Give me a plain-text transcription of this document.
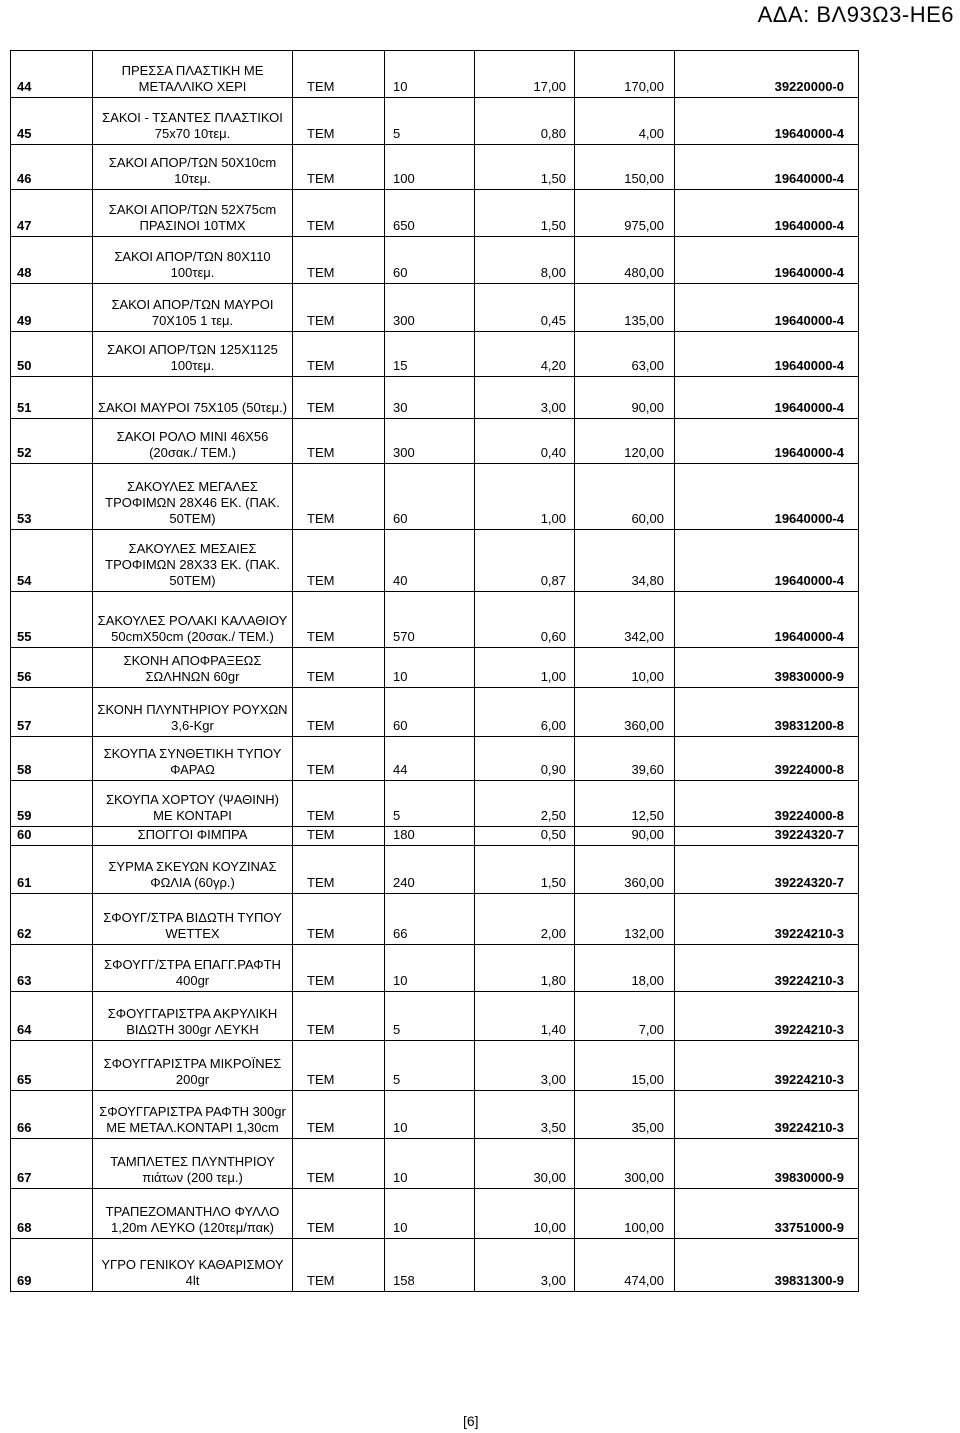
ΑΔΑ: ΒΛ93Ω3-ΗΕ6
44	ΠΡΕΣΣΑ ΠΛΑΣΤΙΚΗ ΜΕ ΜΕΤΑΛΛΙΚΟ ΧΕΡΙ	ΤΕΜ	10	17,00	170,00	39220000-0
45	ΣΑΚΟΙ - ΤΣΑΝΤΕΣ ΠΛΑΣΤΙΚΟΙ 75x70 10τεμ.	ΤΕΜ	5	0,80	4,00	19640000-4
46	ΣΑΚΟΙ ΑΠΟΡ/ΤΩΝ 50Χ10cm 10τεμ.	ΤΕΜ	100	1,50	150,00	19640000-4
47	ΣΑΚΟΙ ΑΠΟΡ/ΤΩΝ 52Χ75cm ΠΡΑΣΙΝΟΙ 10ΤΜΧ	ΤΕΜ	650	1,50	975,00	19640000-4
48	ΣΑΚΟΙ ΑΠΟΡ/ΤΩΝ 80Χ110 100τεμ.	ΤΕΜ	60	8,00	480,00	19640000-4
49	ΣΑΚΟΙ ΑΠΟΡ/ΤΩΝ ΜΑΥΡΟΙ 70Χ105 1 τεμ.	ΤΕΜ	300	0,45	135,00	19640000-4
50	ΣΑΚΟΙ ΑΠΟΡ/ΤΩΝ 125Χ1125 100τεμ.	ΤΕΜ	15	4,20	63,00	19640000-4
51	ΣΑΚΟΙ ΜΑΥΡΟΙ 75Χ105 (50τεμ.)	ΤΕΜ	30	3,00	90,00	19640000-4
52	ΣΑΚΟΙ ΡΟΛΟ ΜΙΝΙ 46Χ56 (20σακ./ ΤΕΜ.)	ΤΕΜ	300	0,40	120,00	19640000-4
53	ΣΑΚΟΥΛΕΣ ΜΕΓΑΛΕΣ ΤΡΟΦΙΜΩΝ 28Χ46 ΕΚ. (ΠΑΚ. 50ΤΕΜ)	ΤΕΜ	60	1,00	60,00	19640000-4
54	ΣΑΚΟΥΛΕΣ ΜΕΣΑΙΕΣ ΤΡΟΦΙΜΩΝ 28Χ33 ΕΚ. (ΠΑΚ. 50ΤΕΜ)	ΤΕΜ	40	0,87	34,80	19640000-4
55	ΣΑΚΟΥΛΕΣ ΡΟΛΑΚΙ ΚΑΛΑΘΙΟΥ 50cmΧ50cm (20σακ./ ΤΕΜ.)	ΤΕΜ	570	0,60	342,00	19640000-4
56	ΣΚΟΝΗ ΑΠΟΦΡΑΞΕΩΣ ΣΩΛΗΝΩΝ 60gr	ΤΕΜ	10	1,00	10,00	39830000-9
57	ΣΚΟΝΗ ΠΛΥΝΤΗΡΙΟΥ ΡΟΥΧΩΝ 3,6-Kgr	ΤΕΜ	60	6,00	360,00	39831200-8
58	ΣΚΟΥΠΑ ΣΥΝΘΕΤΙΚΗ ΤΥΠΟΥ ΦΑΡΑΩ	ΤΕΜ	44	0,90	39,60	39224000-8
59	ΣΚΟΥΠΑ ΧΟΡΤΟΥ (ΨΑΘΙΝΗ) ΜΕ ΚΟΝΤΑΡΙ	ΤΕΜ	5	2,50	12,50	39224000-8
60	ΣΠΟΓΓΟΙ ΦΙΜΠΡΑ	ΤΕΜ	180	0,50	90,00	39224320-7
61	ΣΥΡΜΑ ΣΚΕΥΩΝ ΚΟΥΖΙΝΑΣ ΦΩΛΙΑ (60γρ.)	ΤΕΜ	240	1,50	360,00	39224320-7
62	ΣΦΟΥΓ/ΣΤΡΑ ΒΙΔΩΤΗ ΤΥΠΟΥ WETTEX	ΤΕΜ	66	2,00	132,00	39224210-3
63	ΣΦΟΥΓΓ/ΣΤΡΑ ΕΠΑΓΓ.ΡΑΦΤΗ 400gr	ΤΕΜ	10	1,80	18,00	39224210-3
64	ΣΦΟΥΓΓΑΡΙΣΤΡΑ ΑΚΡΥΛΙΚΗ ΒΙΔΩΤΗ 300gr ΛΕΥΚΗ	ΤΕΜ	5	1,40	7,00	39224210-3
65	ΣΦΟΥΓΓΑΡΙΣΤΡΑ ΜΙΚΡΟΪΝΕΣ 200gr	ΤΕΜ	5	3,00	15,00	39224210-3
66	ΣΦΟΥΓΓΑΡΙΣΤΡΑ ΡΑΦΤΗ 300gr ΜΕ ΜΕΤΑΛ.ΚΟΝΤΑΡΙ 1,30cm	ΤΕΜ	10	3,50	35,00	39224210-3
67	ΤΑΜΠΛΕΤΕΣ ΠΛΥΝΤΗΡΙΟΥ πιάτων (200 τεμ.)	ΤΕΜ	10	30,00	300,00	39830000-9
68	ΤΡΑΠΕΖΟΜΑΝΤΗΛΟ ΦΥΛΛΟ 1,20m ΛΕΥΚΟ (120τεμ/πακ)	ΤΕΜ	10	10,00	100,00	33751000-9
69	ΥΓΡΟ ΓΕΝΙΚΟΥ ΚΑΘΑΡΙΣΜΟΥ 4lt	ΤΕΜ	158	3,00	474,00	39831300-9
[6]
